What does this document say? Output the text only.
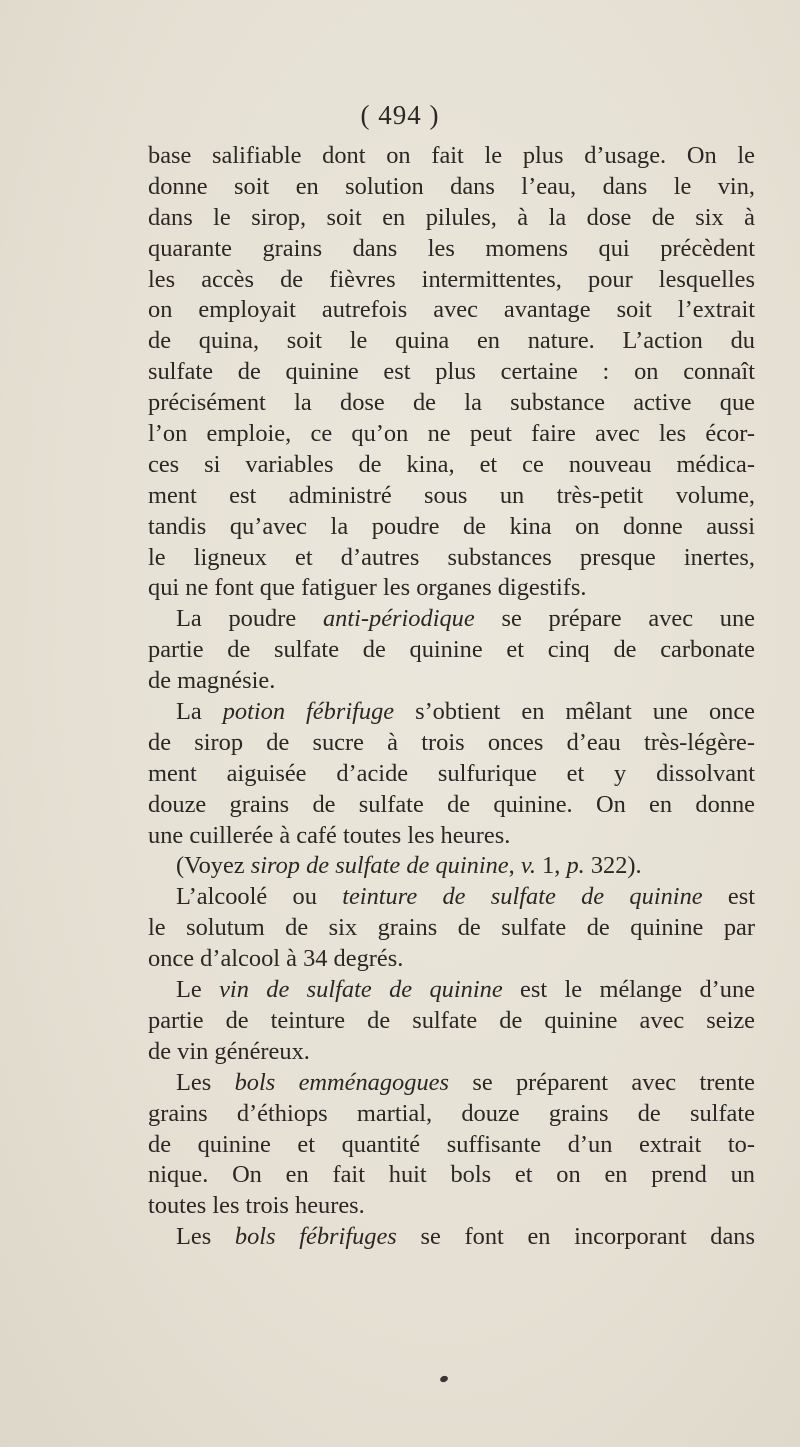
( 494 )
base salifiable dont on fait le plus d’usage. On le
donne soit en solution dans l’eau, dans le vin,
dans le sirop, soit en pilules, à la dose de six à
quarante grains dans les momens qui précèdent
les accès de fièvres intermittentes, pour lesquelles
on employait autrefois avec avantage soit l’extrait
de quina, soit le quina en nature. L’action du
sulfate de quinine est plus certaine : on connaît
précisément la dose de la substance active que
l’on emploie, ce qu’on ne peut faire avec les écor-
ces si variables de kina, et ce nouveau médica-
ment est administré sous un très-petit volume,
tandis qu’avec la poudre de kina on donne aussi
le ligneux et d’autres substances presque inertes,
qui ne font que fatiguer les organes digestifs.
La poudre anti-périodique se prépare avec une
partie de sulfate de quinine et cinq de carbonate
de magnésie.
La potion fébrifuge s’obtient en mêlant une once
de sirop de sucre à trois onces d’eau très-légère-
ment aiguisée d’acide sulfurique et y dissolvant
douze grains de sulfate de quinine. On en donne
une cuillerée à café toutes les heures.
(Voyez sirop de sulfate de quinine, v. 1, p. 322).
L’alcoolé ou teinture de sulfate de quinine est
le solutum de six grains de sulfate de quinine par
once d’alcool à 34 degrés.
Le vin de sulfate de quinine est le mélange d’une
partie de teinture de sulfate de quinine avec seize
de vin généreux.
Les bols emménagogues se préparent avec trente
grains d’éthiops martial, douze grains de sulfate
de quinine et quantité suffisante d’un extrait to-
nique. On en fait huit bols et on en prend un
toutes les trois heures.
Les bols fébrifuges se font en incorporant dans
